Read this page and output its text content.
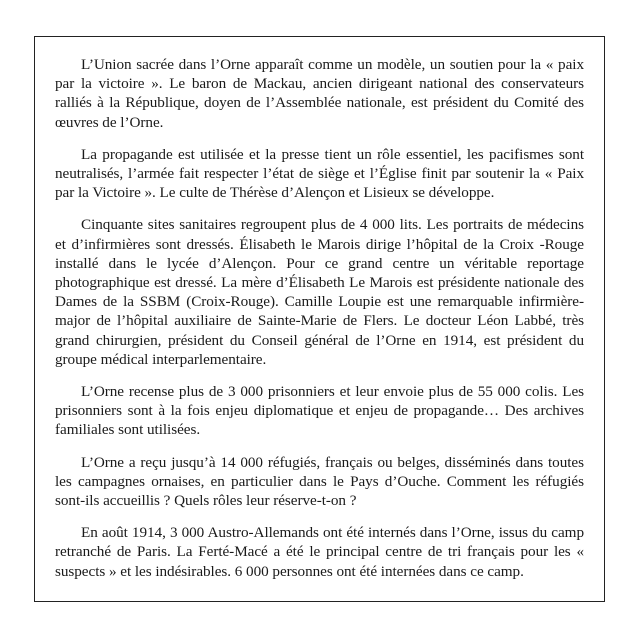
L’Union sacrée dans l’Orne apparaît comme un modèle, un soutien pour la « paix par la victoire ». Le baron de Mackau, ancien dirigeant national des conservateurs ralliés à la République, doyen de l’Assemblée nationale, est président du Comité des œuvres de l’Orne.

La propagande est utilisée et la presse tient un rôle essentiel, les pacifismes sont neutralisés, l’armée fait respecter l’état de siège et l’Église finit par soutenir la « Paix par la Victoire ». Le culte de Thérèse d’Alençon et Lisieux se développe.

Cinquante sites sanitaires regroupent plus de 4 000 lits. Les portraits de médecins et d’infirmières sont dressés. Élisabeth le Marois dirige l’hôpital de la Croix -Rouge installé dans le lycée d’Alençon. Pour ce grand centre un véritable reportage photographique est dressé. La mère d’Élisabeth Le Marois est présidente nationale des Dames de la SSBM (Croix-Rouge). Camille Loupie est une remarquable infirmière-major de l’hôpital auxiliaire de Sainte-Marie de Flers. Le docteur Léon Labbé, très grand chirurgien, président du Conseil général de l’Orne en 1914, est président du groupe médical interparlementaire.

L’Orne recense plus de 3 000 prisonniers et leur envoie plus de 55 000 colis. Les prisonniers sont à la fois enjeu diplomatique et enjeu de propagande… Des archives familiales sont utilisées.

L’Orne a reçu jusqu’à 14 000 réfugiés, français ou belges, disséminés dans toutes les campagnes ornaises, en particulier dans le Pays d’Ouche. Comment les réfugiés sont-ils accueillis ? Quels rôles leur réserve-t-on ?

En août 1914, 3 000 Austro-Allemands ont été internés dans l’Orne, issus du camp retranché de Paris. La Ferté-Macé a été le principal centre de tri français pour les « suspects » et les indésirables. 6 000 personnes ont été internées dans ce camp.
